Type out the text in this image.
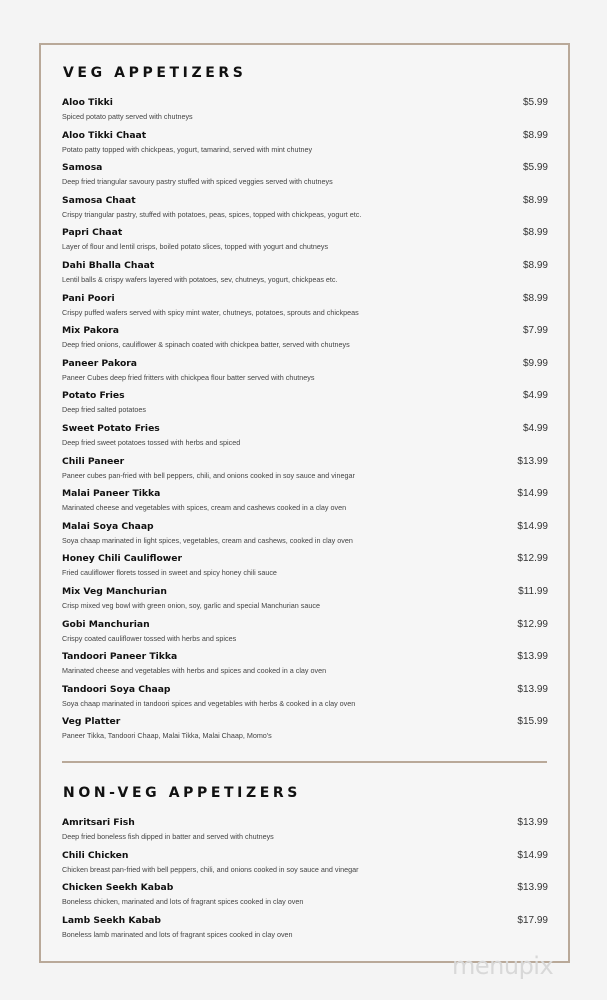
VEG APPETIZERS
Aloo Tikki	$5.99
Spiced potato patty served with chutneys
Aloo Tikki Chaat	$8.99
Potato patty topped with chickpeas, yogurt, tamarind, served with mint chutney
Samosa	$5.99
Deep fried triangular savoury pastry stuffed with spiced veggies served with chutneys
Samosa Chaat	$8.99
Crispy triangular pastry, stuffed with potatoes, peas, spices, topped with chickpeas, yogurt etc.
Papri Chaat	$8.99
Layer of flour and lentil crisps, boiled potato slices, topped with yogurt and chutneys
Dahi Bhalla Chaat	$8.99
Lentil balls & crispy wafers layered with potatoes, sev, chutneys, yogurt, chickpeas etc.
Pani Poori	$8.99
Crispy puffed wafers served with spicy mint water, chutneys, potatoes, sprouts and chickpeas
Mix Pakora	$7.99
Deep fried onions, cauliflower & spinach coated with chickpea batter, served with chutneys
Paneer Pakora	$9.99
Paneer Cubes deep fried fritters with chickpea flour batter served with chutneys
Potato Fries	$4.99
Deep fried salted potatoes
Sweet Potato Fries	$4.99
Deep fried sweet potatoes tossed with herbs and spiced
Chili Paneer	$13.99
Paneer cubes pan-fried with bell peppers, chili, and onions cooked in soy sauce and vinegar
Malai Paneer Tikka	$14.99
Marinated cheese and vegetables with spices, cream and cashews cooked in a clay oven
Malai Soya Chaap	$14.99
Soya chaap marinated in light spices, vegetables, cream and cashews, cooked in clay oven
Honey Chili Cauliflower	$12.99
Fried cauliflower florets tossed in sweet and spicy honey chili sauce
Mix Veg Manchurian	$11.99
Crisp mixed veg bowl with green onion, soy, garlic and special Manchurian sauce
Gobi Manchurian	$12.99
Crispy coated cauliflower tossed with herbs and spices
Tandoori Paneer Tikka	$13.99
Marinated cheese and vegetables with herbs and spices and cooked in a clay oven
Tandoori Soya Chaap	$13.99
Soya chaap marinated in tandoori spices and vegetables with herbs & cooked in a clay oven
Veg Platter	$15.99
Paneer Tikka, Tandoori Chaap, Malai Tikka, Malai Chaap, Momo's
NON-VEG APPETIZERS
Amritsari Fish	$13.99
Deep fried boneless fish dipped in batter and served with chutneys
Chili Chicken	$14.99
Chicken breast pan-fried with bell peppers, chili, and onions cooked in soy sauce and vinegar
Chicken Seekh Kabab	$13.99
Boneless chicken, marinated and lots of fragrant spices cooked in clay oven
Lamb Seekh Kabab	$17.99
Boneless lamb marinated and lots of fragrant spices cooked in clay oven
menupix
